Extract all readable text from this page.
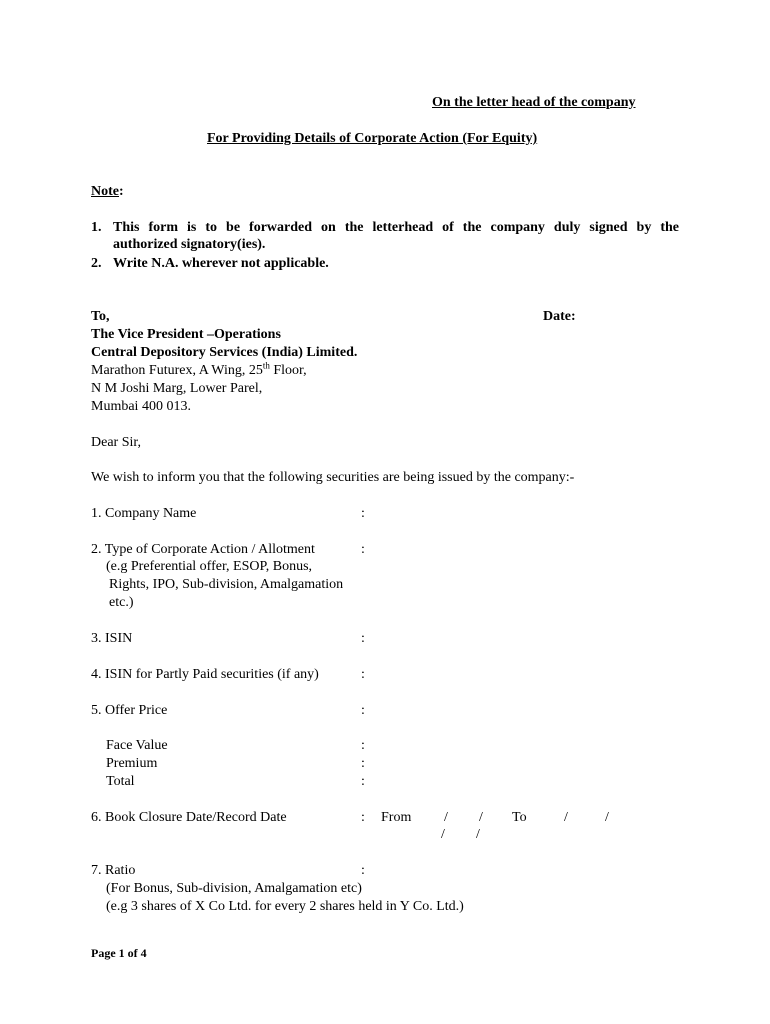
On the letter head of the company
For Providing Details of Corporate Action (For Equity)
Note:
1. This form is to be forwarded on the letterhead of the company duly signed by the
authorized signatory(ies).
2. Write N.A. wherever not applicable.
To,	Date:
The Vice President –Operations
Central Depository Services (India) Limited.
Marathon Futurex, A Wing, 25th Floor,
N M Joshi Marg, Lower Parel,
Mumbai 400 013.
Dear Sir,
We wish to inform you that the following securities are being issued by the company:-
1. Company Name	:
2. Type of Corporate Action / Allotment	:
(e.g Preferential offer, ESOP, Bonus,
Rights, IPO, Sub-division, Amalgamation
etc.)
3. ISIN	:
4. ISIN for Partly Paid securities (if any)	:
5. Offer Price	:
Face Value	:
Premium	:
Total	:
6. Book Closure Date/Record Date	: From / / To	/	/
/ /
7. Ratio	:
(For Bonus, Sub-division, Amalgamation etc)
(e.g 3 shares of X Co Ltd. for every 2 shares held in Y Co. Ltd.)
Page 1 of 4
